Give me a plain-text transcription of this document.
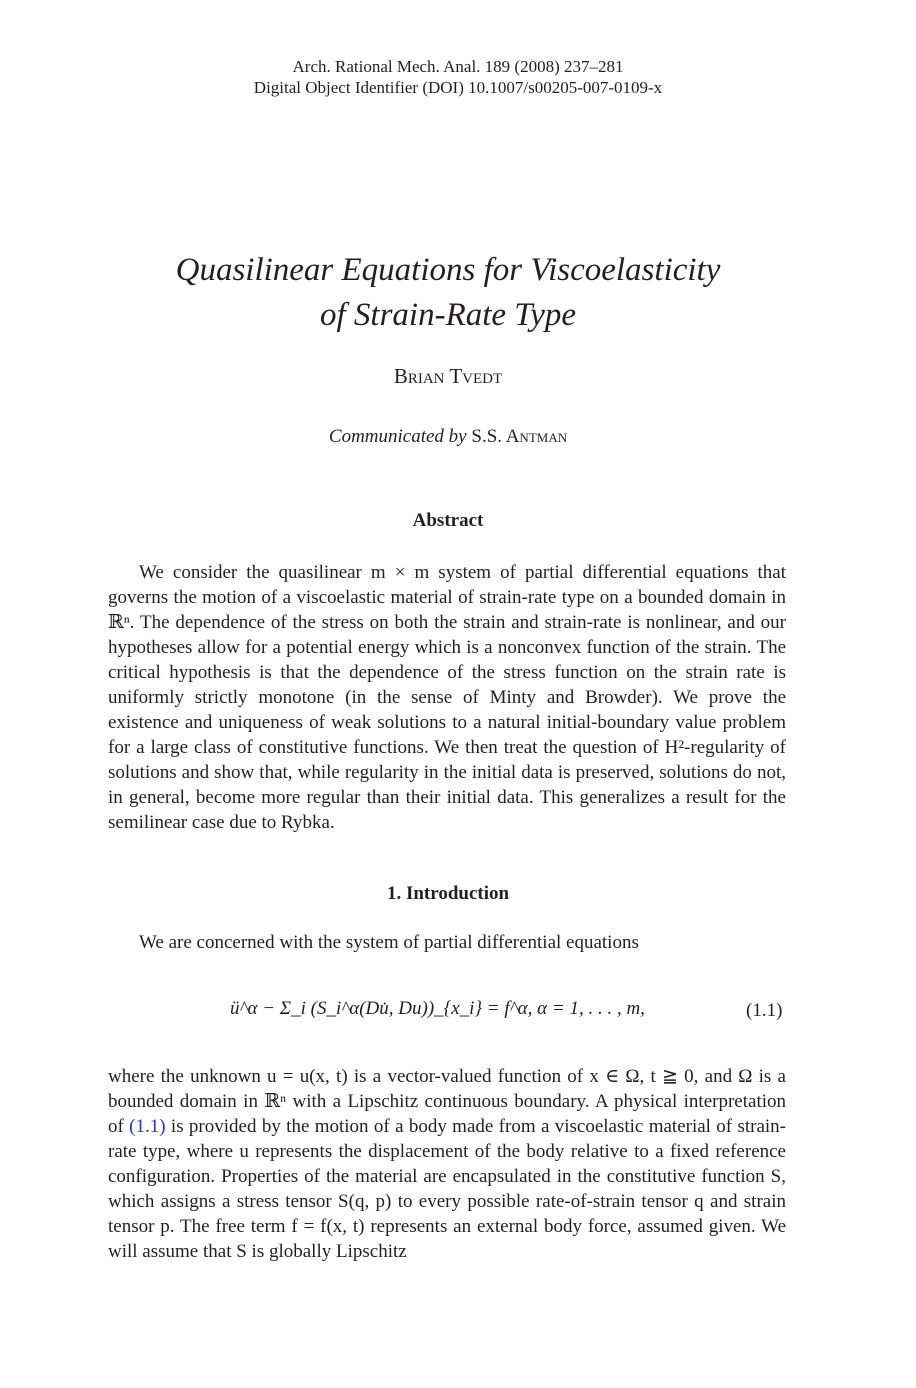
Arch. Rational Mech. Anal. 189 (2008) 237–281
Digital Object Identifier (DOI) 10.1007/s00205-007-0109-x
Quasilinear Equations for Viscoelasticity
of Strain-Rate Type
Brian Tvedt
Communicated by S.S. Antman
Abstract

We consider the quasilinear m × m system of partial differential equations that governs the motion of a viscoelastic material of strain-rate type on a bounded domain in ℝⁿ. The dependence of the stress on both the strain and strain-rate is nonlinear, and our hypotheses allow for a potential energy which is a nonconvex function of the strain. The critical hypothesis is that the dependence of the stress function on the strain rate is uniformly strictly monotone (in the sense of Minty and Browder). We prove the existence and uniqueness of weak solutions to a natural initial-boundary value problem for a large class of constitutive functions. We then treat the question of H²-regularity of solutions and show that, while regularity in the initial data is preserved, solutions do not, in general, become more regular than their initial data. This generalizes a result for the semilinear case due to Rybka.

1. Introduction
We are concerned with the system of partial differential equations
ü^α − Σ_i (S_i^α(Du̇, Du))_{x_i} = f^α, α = 1, . . . , m,	(1.1)

where the unknown u = u(x, t) is a vector-valued function of x ∈ Ω, t ≧ 0, and Ω is a bounded domain in ℝⁿ with a Lipschitz continuous boundary. A physical interpretation of (1.1) is provided by the motion of a body made from a viscoelastic material of strain-rate type, where u represents the displacement of the body relative to a fixed reference configuration. Properties of the material are encapsulated in the constitutive function S, which assigns a stress tensor S(q, p) to every possible rate-of-strain tensor q and strain tensor p. The free term f = f(x, t) represents an external body force, assumed given. We will assume that S is globally Lipschitz
